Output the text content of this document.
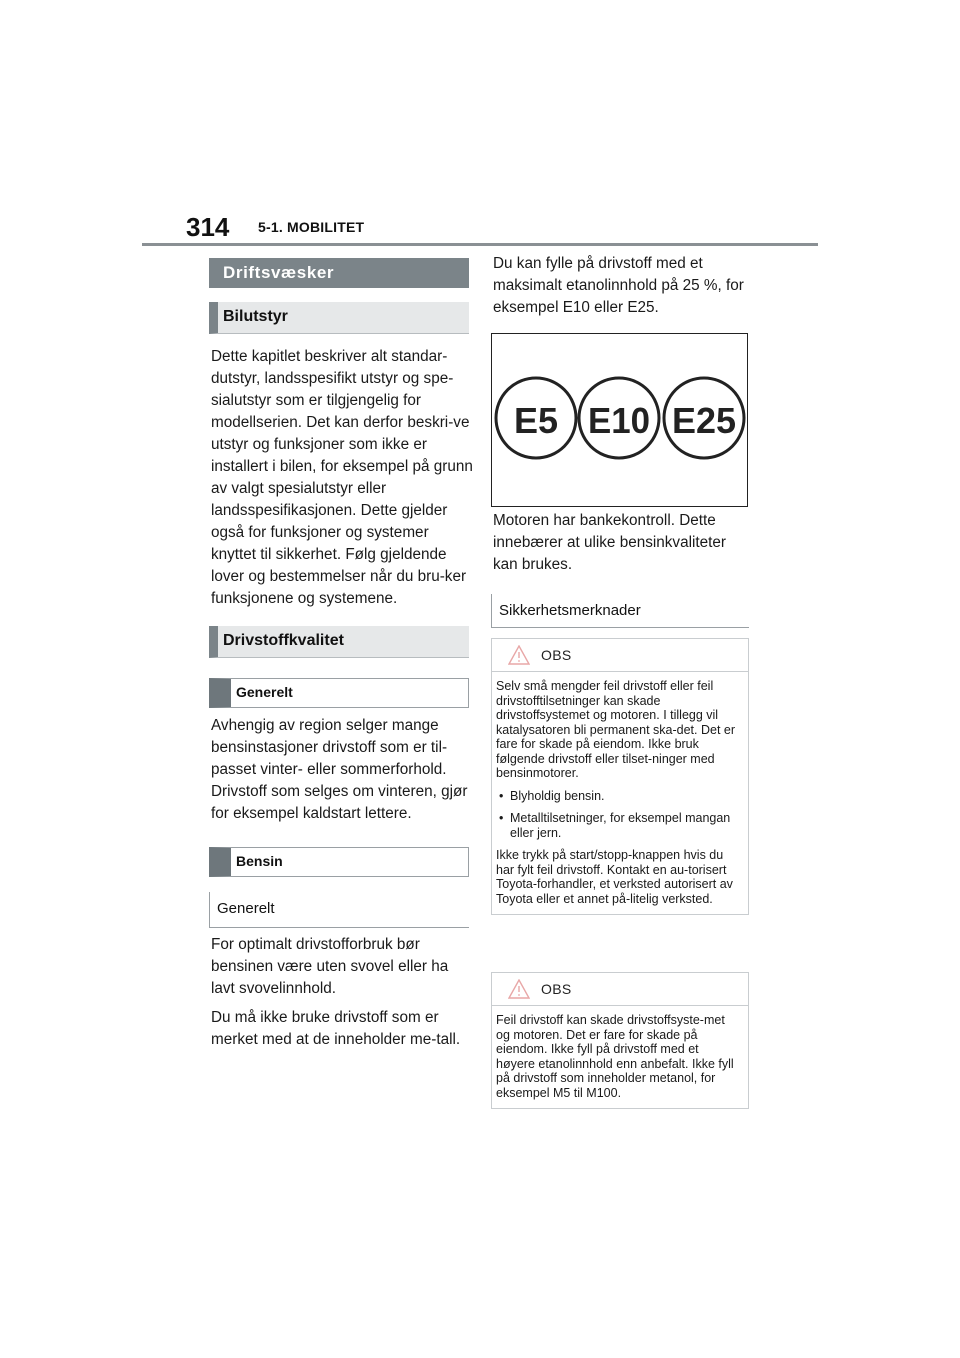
314 5-1. MOBILITET
Driftsvæsker
Bilutstyr

Dette kapitlet beskriver alt standar-dutstyr, landsspesifikt utstyr og spe-sialutstyr som er tilgjengelig for modellserien. Det kan derfor beskri-ve utstyr og funksjoner som ikke er installert i bilen, for eksempel på grunn av valgt spesialutstyr eller landsspesifikasjonen. Dette gjelder også for funksjoner og systemer knyttet til sikkerhet. Følg gjeldende lover og bestemmelser når du bru-ker funksjonene og systemene.

Drivstoffkvalitet
Generelt

Avhengig av region selger mange bensinstasjoner drivstoff som er til-passet vinter- eller sommerforhold. Drivstoff som selges om vinteren, gjør for eksempel kaldstart lettere.

Bensin
Generelt

For optimalt drivstofforbruk bør bensinen være uten svovel eller ha lavt svovelinnhold.

Du må ikke bruke drivstoff som er merket med at de inneholder me-tall.

Du kan fylle på drivstoff med et maksimalt etanolinnhold på 25 %, for eksempel E10 eller E25.

E5 E10 E25

Motoren har bankekontroll. Dette innebærer at ulike bensinkvaliteter kan brukes.

Sikkerhetsmerknader
OBS

Selv små mengder feil drivstoff eller feil drivstofftilsetninger kan skade drivstoffsystemet og motoren. I tillegg vil katalysatoren bli permanent ska-det. Det er fare for skade på eiendom. Ikke bruk følgende drivstoff eller tilset-ninger med bensinmotorer.

• Blyholdig bensin.

• Metalltilsetninger, for eksempel mangan eller jern.

Ikke trykk på start/stopp-knappen hvis du har fylt feil drivstoff. Kontakt en au-torisert Toyota-forhandler, et verksted autorisert av Toyota eller et annet på-litelig verksted.

OBS

Feil drivstoff kan skade drivstoffsyste-met og motoren. Det er fare for skade på eiendom. Ikke fyll på drivstoff med et høyere etanolinnhold enn anbefalt. Ikke fyll på drivstoff som inneholder metanol, for eksempel M5 til M100.
